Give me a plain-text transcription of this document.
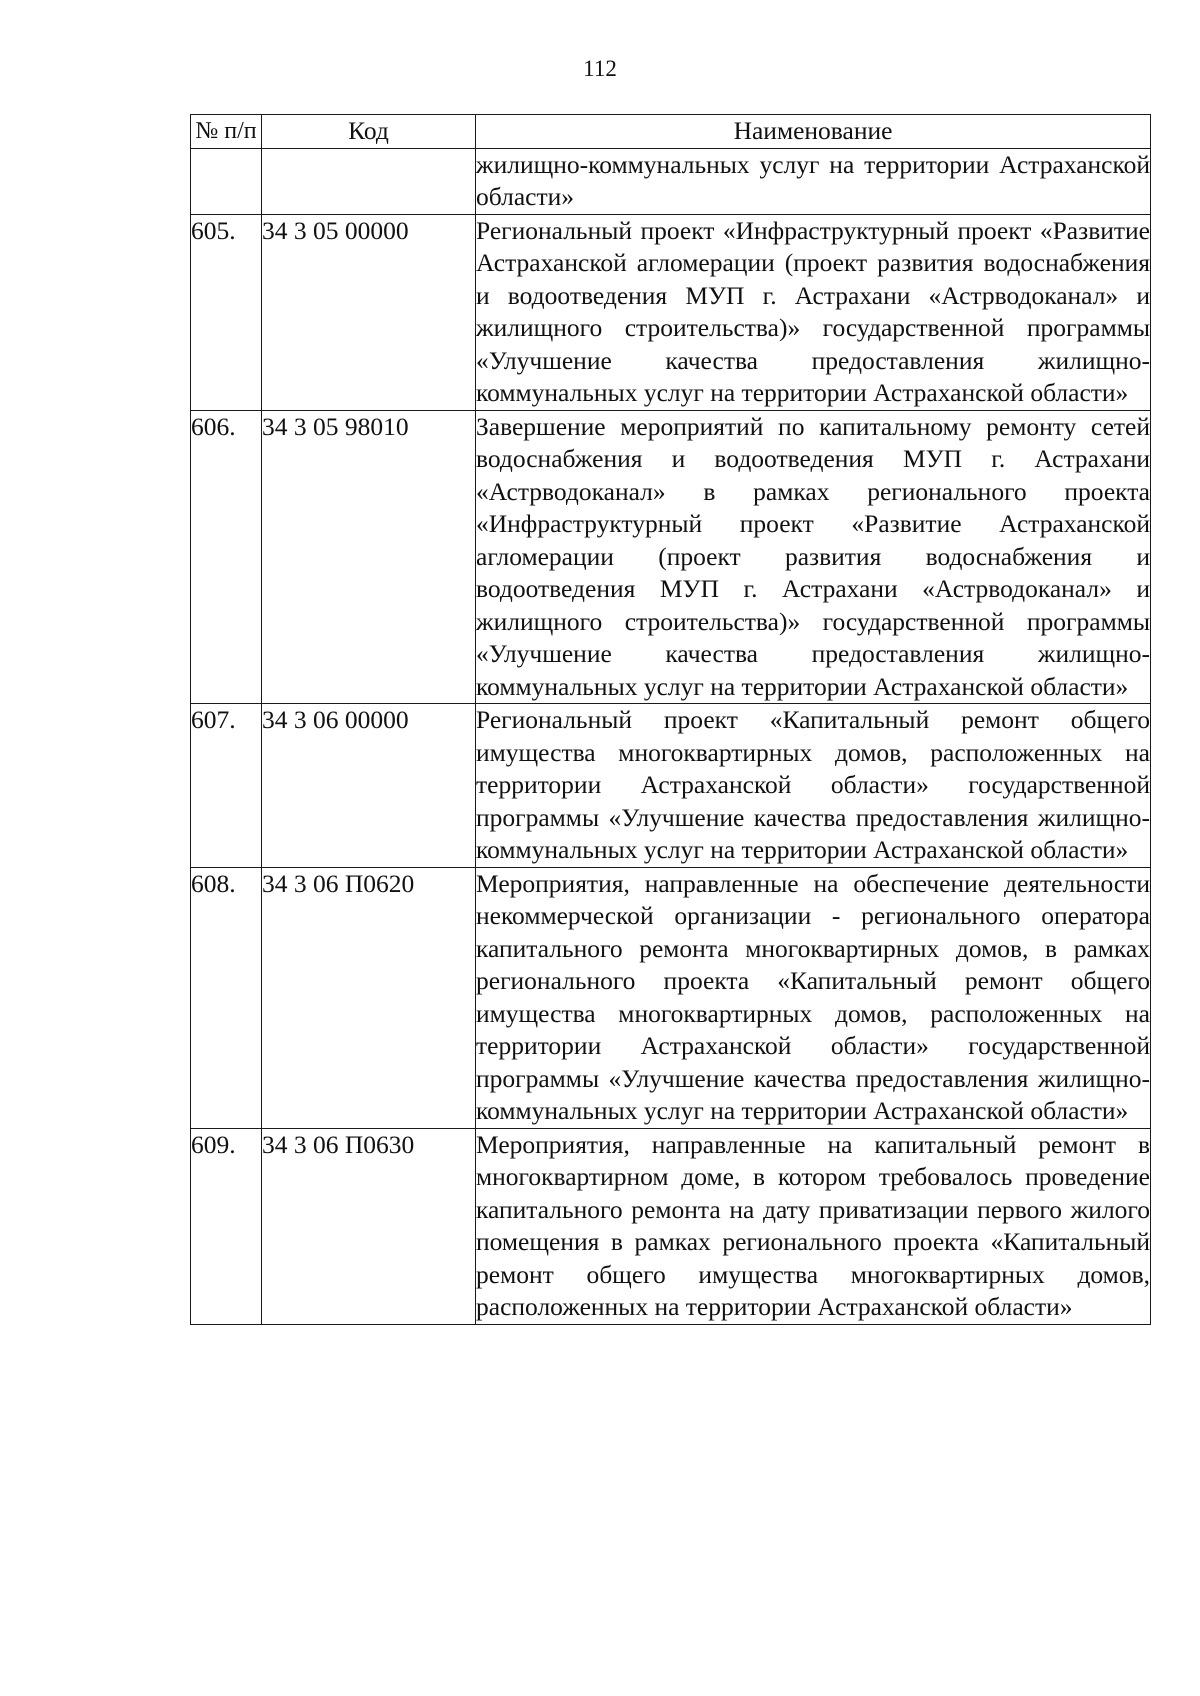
112
№ п/п	Код	Наименование
		жилищно-коммунальных услуг на территории Астраханской области»
605.	34 3 05 00000	Региональный проект «Инфраструктурный проект «Развитие Астраханской агломерации (проект развития водоснабжения и водоотведения МУП г. Астрахани «Астрводоканал» и жилищного строительства)» государственной программы «Улучшение качества предоставления жилищно-коммунальных услуг на территории Астраханской области»
606.	34 3 05 98010	Завершение мероприятий по капитальному ремонту сетей водоснабжения и водоотведения МУП г. Астрахани «Астрводоканал» в рамках регионального проекта «Инфраструктурный проект «Развитие Астраханской агломерации (проект развития водоснабжения и водоотведения МУП г. Астрахани «Астрводоканал» и жилищного строительства)» государственной программы «Улучшение качества предоставления жилищно-коммунальных услуг на территории Астраханской области»
607.	34 3 06 00000	Региональный проект «Капитальный ремонт общего имущества многоквартирных домов, расположенных на территории Астраханской области» государственной программы «Улучшение качества предоставления жилищно-коммунальных услуг на территории Астраханской области»
608.	34 3 06 П0620	Мероприятия, направленные на обеспечение деятельности некоммерческой организации - регионального оператора капитального ремонта многоквартирных домов, в рамках регионального проекта «Капитальный ремонт общего имущества многоквартирных домов, расположенных на территории Астраханской области» государственной программы «Улучшение качества предоставления жилищно-коммунальных услуг на территории Астраханской области»
609.	34 3 06 П0630	Мероприятия, направленные на капитальный ремонт в многоквартирном доме, в котором требовалось проведение капитального ремонта на дату приватизации первого жилого помещения в рамках регионального проекта «Капитальный ремонт общего имущества многоквартирных домов, расположенных на территории Астраханской области»
